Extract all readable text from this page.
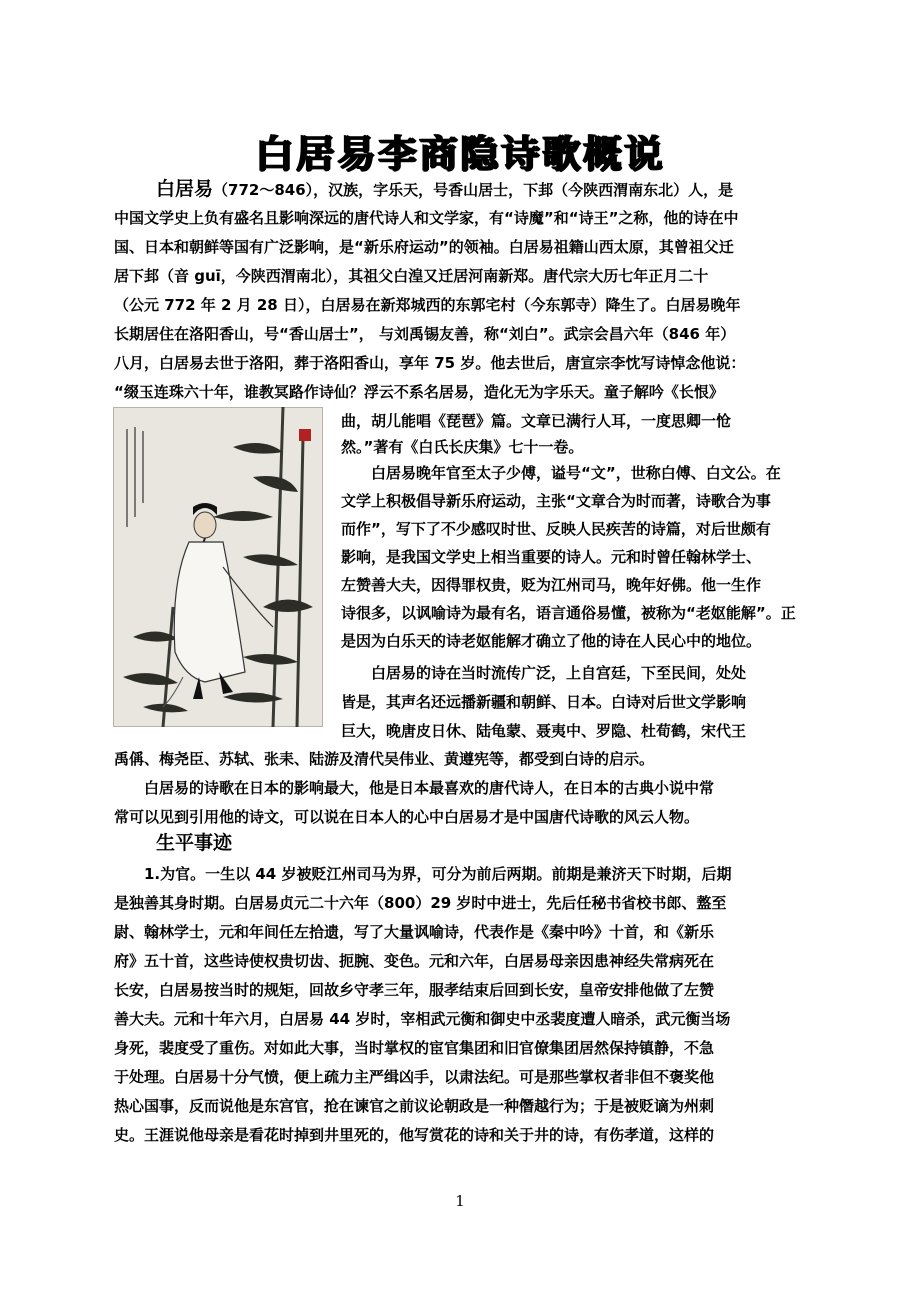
白居易李商隐诗歌概说
白居易（772～846），汉族，字乐天，号香山居士，下邽（今陕西渭南东北）人，是
中国文学史上负有盛名且影响深远的唐代诗人和文学家，有“诗魔”和“诗王”之称，他的诗在中
国、日本和朝鲜等国有广泛影响，是“新乐府运动”的领袖。白居易祖籍山西太原，其曾祖父迁
居下邽（音 guī，今陕西渭南北），其祖父白湟又迁居河南新郑。唐代宗大历七年正月二十
（公元 772 年 2 月 28 日），白居易在新郑城西的东郭宅村（今东郭寺）降生了。白居易晚年
长期居住在洛阳香山，号“香山居士”， 与刘禹锡友善，称“刘白”。武宗会昌六年（846 年）
八月，白居易去世于洛阳，葬于洛阳香山，享年 75 岁。他去世后，唐宣宗李忱写诗悼念他说：
“缀玉连珠六十年，谁教冥路作诗仙？浮云不系名居易，造化无为字乐天。童子解吟《长恨》
曲，胡儿能唱《琵琶》篇。文章已满行人耳，一度思卿一怆
然。”著有《白氏长庆集》七十一卷。
　　白居易晚年官至太子少傅，谥号“文”，世称白傅、白文公。在
文学上积极倡导新乐府运动，主张“文章合为时而著，诗歌合为事
而作”，写下了不少感叹时世、反映人民疾苦的诗篇，对后世颇有
影响，是我国文学史上相当重要的诗人。元和时曾任翰林学士、
左赞善大夫，因得罪权贵，贬为江州司马，晚年好佛。他一生作
诗很多，以讽喻诗为最有名，语言通俗易懂，被称为“老妪能解”。正
是因为白乐天的诗老妪能解才确立了他的诗在人民心中的地位。
　　白居易的诗在当时流传广泛，上自宫廷，下至民间，处处
皆是，其声名还远播新疆和朝鲜、日本。白诗对后世文学影响
巨大，晚唐皮日休、陆龟蒙、聂夷中、罗隐、杜荀鹤，宋代王
禹偁、梅尧臣、苏轼、张耒、陆游及清代吴伟业、黄遵宪等，都受到白诗的启示。
　　白居易的诗歌在日本的影响最大，他是日本最喜欢的唐代诗人，在日本的古典小说中常
常可以见到引用他的诗文，可以说在日本人的心中白居易才是中国唐代诗歌的风云人物。
生平事迹
　　1.为官。一生以 44 岁被贬江州司马为界，可分为前后两期。前期是兼济天下时期，后期
是独善其身时期。白居易贞元二十六年（800）29 岁时中进士，先后任秘书省校书郎、盩至
尉、翰林学士，元和年间任左拾遗，写了大量讽喻诗，代表作是《秦中吟》十首，和《新乐
府》五十首，这些诗使权贵切齿、扼腕、变色。元和六年，白居易母亲因患神经失常病死在
长安，白居易按当时的规矩，回故乡守孝三年，服孝结束后回到长安，皇帝安排他做了左赞
善大夫。元和十年六月，白居易 44 岁时，宰相武元衡和御史中丞裴度遭人暗杀，武元衡当场
身死，裴度受了重伤。对如此大事，当时掌权的宦官集团和旧官僚集团居然保持镇静，不急
于处理。白居易十分气愤，便上疏力主严缉凶手，以肃法纪。可是那些掌权者非但不褒奖他
热心国事，反而说他是东宫官，抢在谏官之前议论朝政是一种僭越行为；于是被贬谪为州刺
史。王涯说他母亲是看花时掉到井里死的，他写赏花的诗和关于井的诗，有伤孝道，这样的
1
